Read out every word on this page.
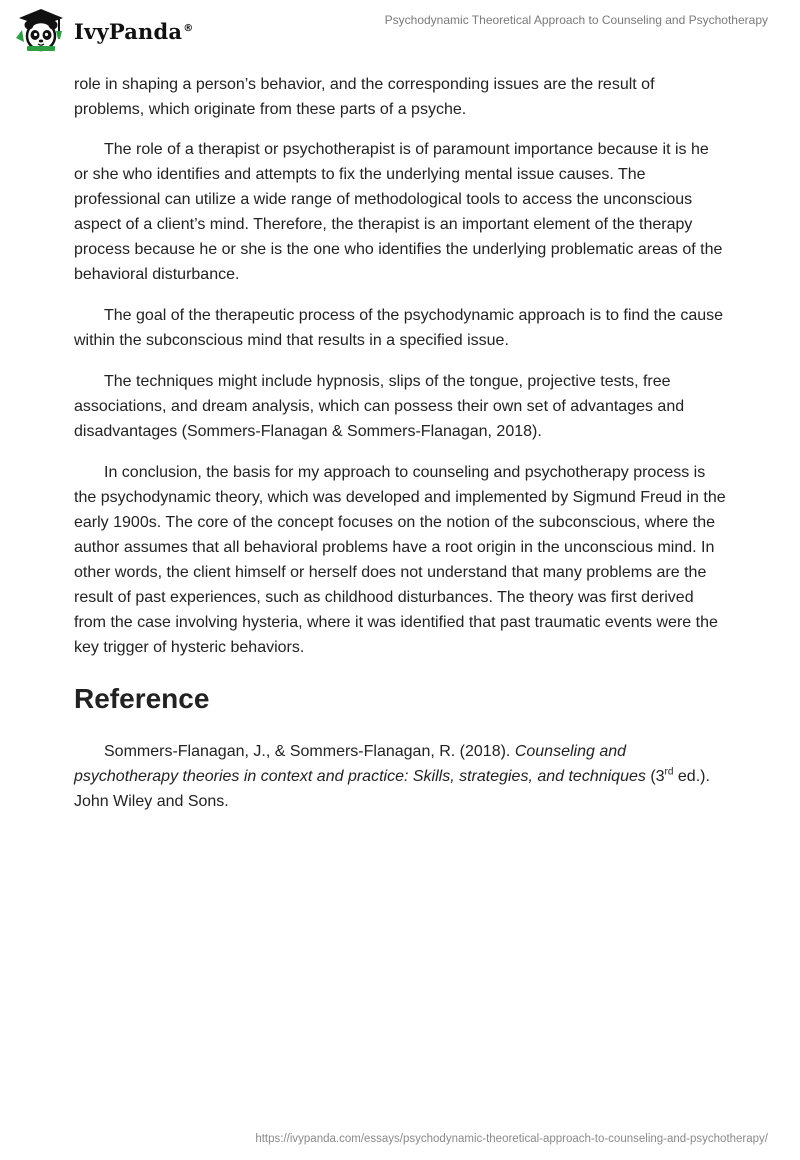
IvyPanda®
Psychodynamic Theoretical Approach to Counseling and Psychotherapy

role in shaping a person’s behavior, and the corresponding issues are the result of problems, which originate from these parts of a psyche.

The role of a therapist or psychotherapist is of paramount importance because it is he or she who identifies and attempts to fix the underlying mental issue causes. The professional can utilize a wide range of methodological tools to access the unconscious aspect of a client’s mind. Therefore, the therapist is an important element of the therapy process because he or she is the one who identifies the underlying problematic areas of the behavioral disturbance.

The goal of the therapeutic process of the psychodynamic approach is to find the cause within the subconscious mind that results in a specified issue.

The techniques might include hypnosis, slips of the tongue, projective tests, free associations, and dream analysis, which can possess their own set of advantages and disadvantages (Sommers-Flanagan & Sommers-Flanagan, 2018).

In conclusion, the basis for my approach to counseling and psychotherapy process is the psychodynamic theory, which was developed and implemented by Sigmund Freud in the early 1900s. The core of the concept focuses on the notion of the subconscious, where the author assumes that all behavioral problems have a root origin in the unconscious mind. In other words, the client himself or herself does not understand that many problems are the result of past experiences, such as childhood disturbances. The theory was first derived from the case involving hysteria, where it was identified that past traumatic events were the key trigger of hysteric behaviors.

Reference

Sommers-Flanagan, J., & Sommers-Flanagan, R. (2018). Counseling and psychotherapy theories in context and practice: Skills, strategies, and techniques (3rd ed.). John Wiley and Sons.

https://ivypanda.com/essays/psychodynamic-theoretical-approach-to-counseling-and-psychotherapy/
